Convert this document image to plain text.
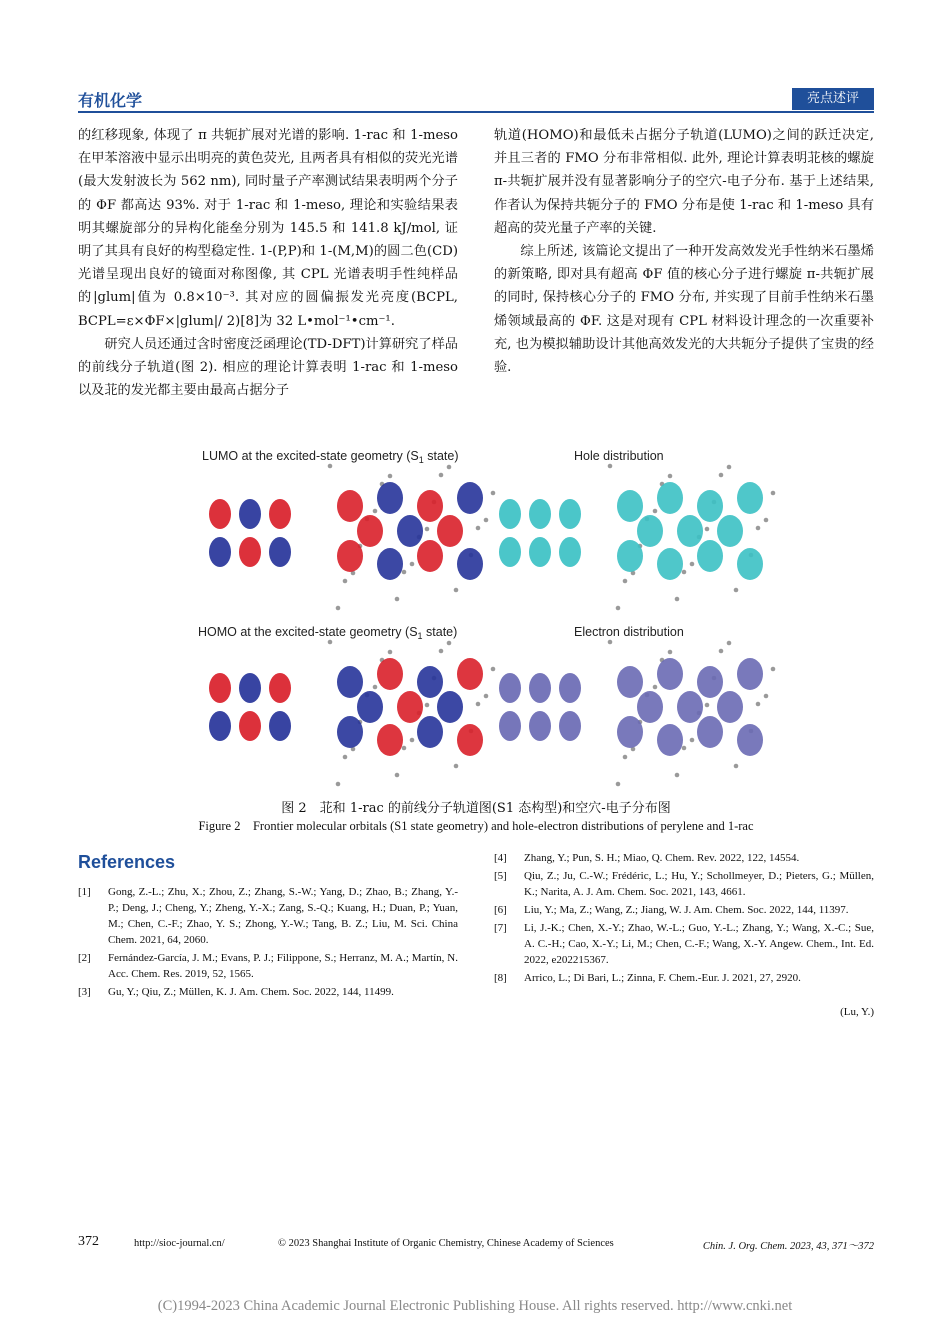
有机化学	亮点述评

的红移现象, 体现了 π 共轭扩展对光谱的影响. 1-rac 和 1-meso 在甲苯溶液中显示出明亮的黄色荧光, 且两者具有相似的荧光光谱(最大发射波长为 562 nm), 同时量子产率测试结果表明两个分子的 ΦF 都高达 93%. 对于 1-rac 和 1-meso, 理论和实验结果表明其螺旋部分的异构化能垒分别为 145.5 和 141.8 kJ/mol, 证明了其具有良好的构型稳定性. 1-(P,P)和 1-(M,M)的圆二色(CD)光谱呈现出良好的镜面对称图像, 其 CPL 光谱表明手性纯样品的|glum|值为 0.8×10⁻³. 其对应的圆偏振发光亮度(BCPL, BCPL=ε×ΦF×|glum|/ 2)[8]为 32 L•mol⁻¹•cm⁻¹.

研究人员还通过含时密度泛函理论(TD-DFT)计算研究了样品的前线分子轨道(图 2). 相应的理论计算表明 1-rac 和 1-meso 以及苝的发光都主要由最高占据分子

轨道(HOMO)和最低未占据分子轨道(LUMO)之间的跃迁决定, 并且三者的 FMO 分布非常相似. 此外, 理论计算表明苝核的螺旋 π-共轭扩展并没有显著影响分子的空穴-电子分布. 基于上述结果, 作者认为保持共轭分子的 FMO 分布是使 1-rac 和 1-meso 具有超高的荧光量子产率的关键.

综上所述, 该篇论文提出了一种开发高效发光手性纳米石墨烯的新策略, 即对具有超高 ΦF 值的核心分子进行螺旋 π-共轭扩展的同时, 保持核心分子的 FMO 分布, 并实现了目前手性纳米石墨烯领域最高的 ΦF. 这是对现有 CPL 材料设计理念的一次重要补充, 也为模拟辅助设计其他高效发光的大共轭分子提供了宝贵的经验.

LUMO at the excited-state geometry ($S_1$ state)	Hole distribution
HOMO at the excited-state geometry ($S_1$ state)	Electron distribution
图 2　苝和 1-rac 的前线分子轨道图(S1 态构型)和空穴-电子分布图
Figure 2　Frontier molecular orbitals (S1 state geometry) and hole-electron distributions of perylene and 1-rac
References
[1]	Gong, Z.-L.; Zhu, X.; Zhou, Z.; Zhang, S.-W.; Yang, D.; Zhao, B.; Zhang, Y.-P.; Deng, J.; Cheng, Y.; Zheng, Y.-X.; Zang, S.-Q.; Kuang, H.; Duan, P.; Yuan, M.; Chen, C.-F.; Zhao, Y. S.; Zhong, Y.-W.; Tang, B. Z.; Liu, M. Sci. China Chem. 2021, 64, 2060.
[2]	Fernández-García, J. M.; Evans, P. J.; Filippone, S.; Herranz, M. A.; Martín, N. Acc. Chem. Res. 2019, 52, 1565.
[3]	Gu, Y.; Qiu, Z.; Müllen, K. J. Am. Chem. Soc. 2022, 144, 11499.
[4]	Zhang, Y.; Pun, S. H.; Miao, Q. Chem. Rev. 2022, 122, 14554.
[5]	Qiu, Z.; Ju, C.-W.; Frédéric, L.; Hu, Y.; Schollmeyer, D.; Pieters, G.; Müllen, K.; Narita, A. J. Am. Chem. Soc. 2021, 143, 4661.
[6]	Liu, Y.; Ma, Z.; Wang, Z.; Jiang, W. J. Am. Chem. Soc. 2022, 144, 11397.
[7]	Li, J.-K.; Chen, X.-Y.; Zhao, W.-L.; Guo, Y.-L.; Zhang, Y.; Wang, X.-C.; Sue, A. C.-H.; Cao, X.-Y.; Li, M.; Chen, C.-F.; Wang, X.-Y. Angew. Chem., Int. Ed. 2022, e202215367.
[8]	Arrico, L.; Di Bari, L.; Zinna, F. Chem.-Eur. J. 2021, 27, 2920.
(Lu, Y.)
372	http://sioc-journal.cn/	© 2023 Shanghai Institute of Organic Chemistry, Chinese Academy of Sciences	Chin. J. Org. Chem. 2023, 43, 371～372
(C)1994-2023 China Academic Journal Electronic Publishing House. All rights reserved. http://www.cnki.net
